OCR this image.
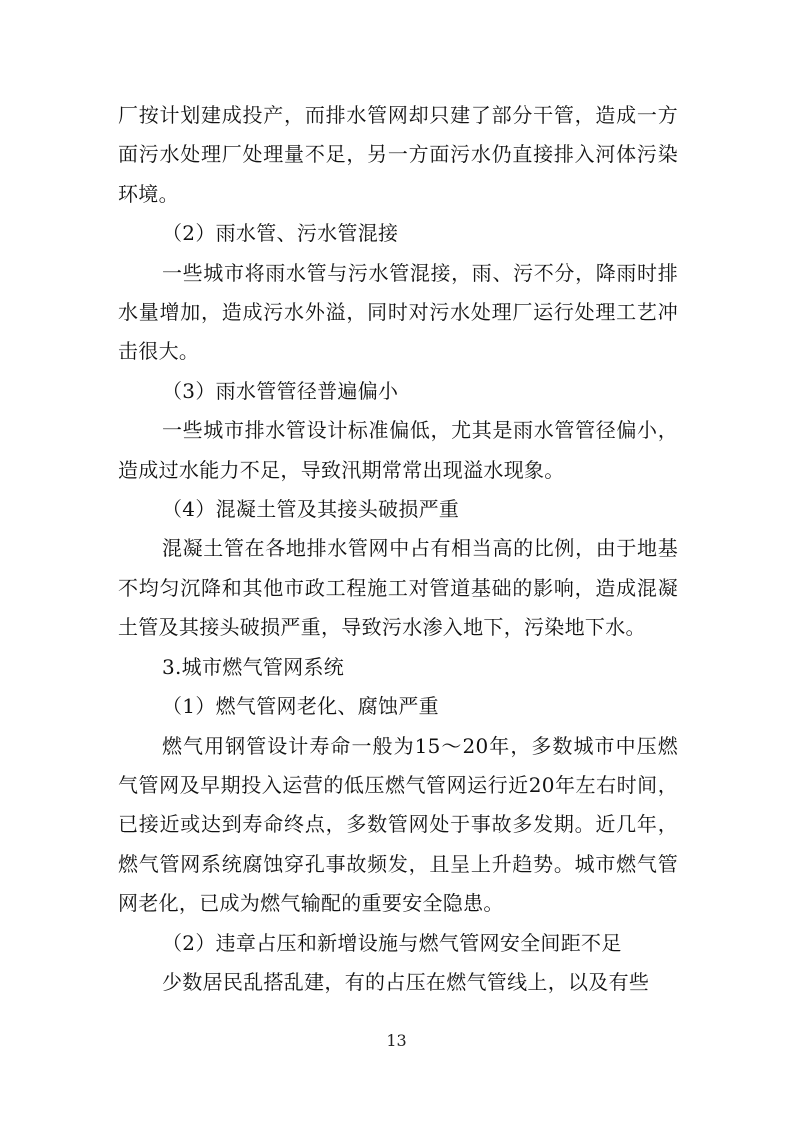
厂按计划建成投产，而排水管网却只建了部分干管，造成一方面污水处理厂处理量不足，另一方面污水仍直接排入河体污染环境。

（2）雨水管、污水管混接

一些城市将雨水管与污水管混接，雨、污不分，降雨时排水量增加，造成污水外溢，同时对污水处理厂运行处理工艺冲击很大。

（3）雨水管管径普遍偏小

一些城市排水管设计标准偏低，尤其是雨水管管径偏小，造成过水能力不足，导致汛期常常出现溢水现象。

（4）混凝土管及其接头破损严重

混凝土管在各地排水管网中占有相当高的比例，由于地基不均匀沉降和其他市政工程施工对管道基础的影响，造成混凝土管及其接头破损严重，导致污水渗入地下，污染地下水。

3.城市燃气管网系统

（1）燃气管网老化、腐蚀严重

燃气用钢管设计寿命一般为15～20年，多数城市中压燃气管网及早期投入运营的低压燃气管网运行近20年左右时间，已接近或达到寿命终点，多数管网处于事故多发期。近几年，燃气管网系统腐蚀穿孔事故频发，且呈上升趋势。城市燃气管网老化，已成为燃气输配的重要安全隐患。

（2）违章占压和新增设施与燃气管网安全间距不足

少数居民乱搭乱建，有的占压在燃气管线上，以及有些

13
